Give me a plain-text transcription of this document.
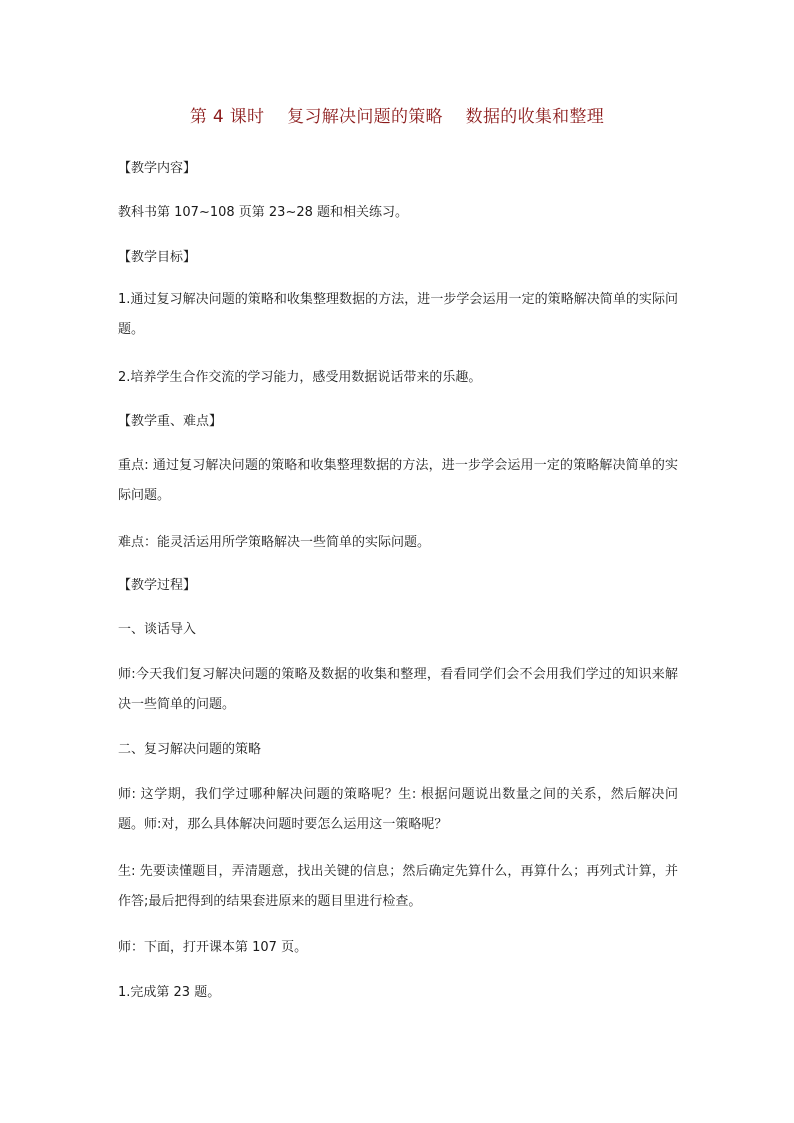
第 4 课时    复习解决问题的策略    数据的收集和整理

【教学内容】

教科书第 107~108 页第 23~28 题和相关练习。

【教学目标】

1.通过复习解决问题的策略和收集整理数据的方法，进一步学会运用一定的策略解决简单的实际问题。

2.培养学生合作交流的学习能力，感受用数据说话带来的乐趣。

【教学重、难点】

重点: 通过复习解决问题的策略和收集整理数据的方法，进一步学会运用一定的策略解决简单的实际问题。

难点：能灵活运用所学策略解决一些简单的实际问题。

【教学过程】

一、谈话导入

师:今天我们复习解决问题的策略及数据的收集和整理，看看同学们会不会用我们学过的知识来解决一些简单的问题。

二、复习解决问题的策略

师: 这学期，我们学过哪种解决问题的策略呢？生: 根据问题说出数量之间的关系，然后解决问题。师:对，那么具体解决问题时要怎么运用这一策略呢？

生: 先要读懂题目，弄清题意，找出关键的信息；然后确定先算什么，再算什么；再列式计算，并作答;最后把得到的结果套进原来的题目里进行检查。

师：下面，打开课本第 107 页。

1.完成第 23 题。
